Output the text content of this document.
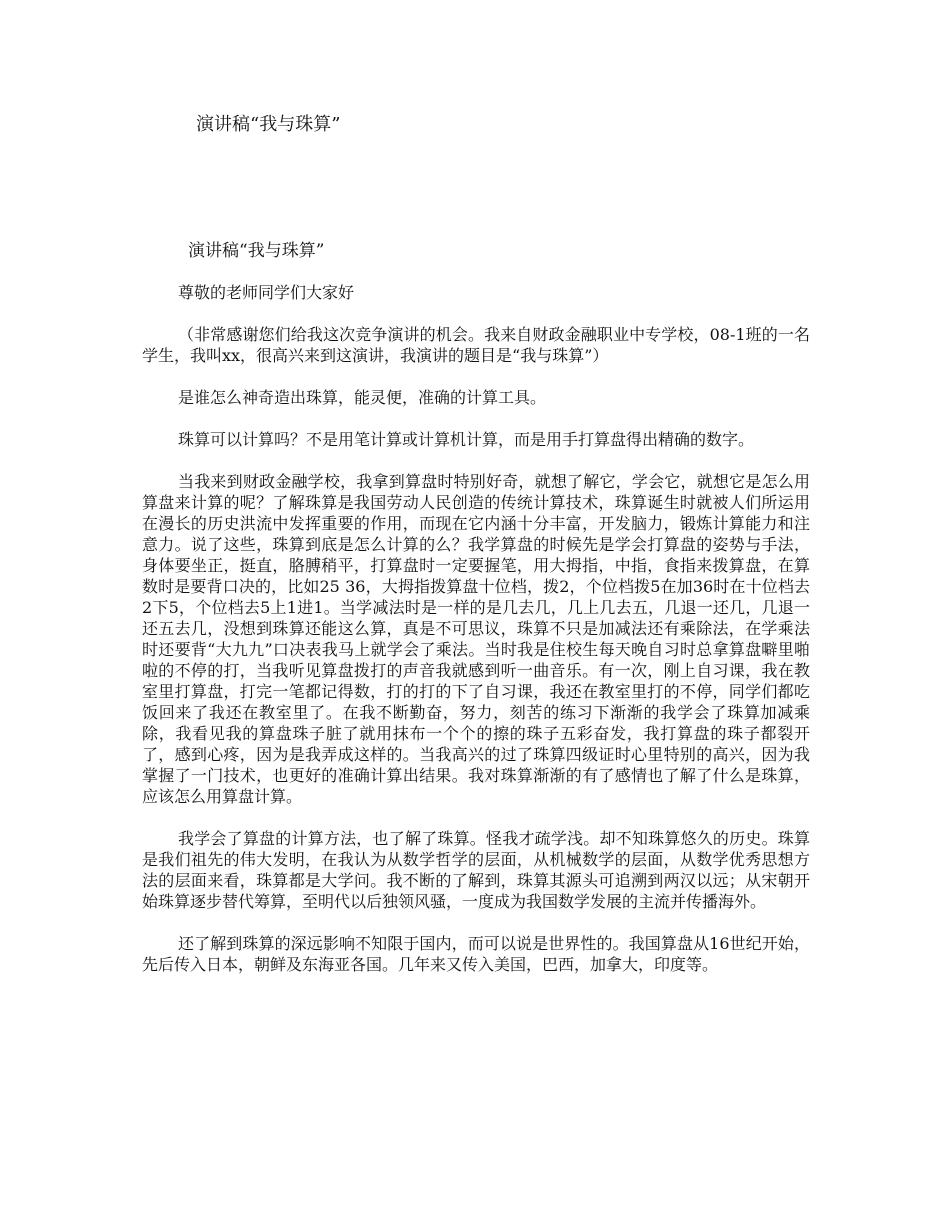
演讲稿“我与珠算”
演讲稿“我与珠算”

尊敬的老师同学们大家好

（非常感谢您们给我这次竞争演讲的机会。我来自财政金融职业中专学校，08-1班的一名学生，我叫xx，很高兴来到这演讲，我演讲的题目是“我与珠算”）

是谁怎么神奇造出珠算，能灵便，准确的计算工具。

珠算可以计算吗？不是用笔计算或计算机计算，而是用手打算盘得出精确的数字。

当我来到财政金融学校，我拿到算盘时特别好奇，就想了解它，学会它，就想它是怎么用算盘来计算的呢？了解珠算是我国劳动人民创造的传统计算技术，珠算诞生时就被人们所运用在漫长的历史洪流中发挥重要的作用，而现在它内涵十分丰富，开发脑力，锻炼计算能力和注意力。说了这些，珠算到底是怎么计算的么？我学算盘的时候先是学会打算盘的姿势与手法，身体要坐正，挺直，胳膊稍平，打算盘时一定要握笔，用大拇指，中指，食指来拨算盘，在算数时是要背口决的，比如25 36，大拇指拨算盘十位档，拨2，个位档拨5在加36时在十位档去2下5，个位档去5上1进1。当学减法时是一样的是几去几，几上几去五，几退一还几，几退一还五去几，没想到珠算还能这么算，真是不可思议，珠算不只是加减法还有乘除法，在学乘法时还要背“大九九”口决表我马上就学会了乘法。当时我是住校生每天晚自习时总拿算盘噼里啪啦的不停的打，当我听见算盘拨打的声音我就感到听一曲音乐。有一次，刚上自习课，我在教室里打算盘，打完一笔都记得数，打的打的下了自习课，我还在教室里打的不停，同学们都吃饭回来了我还在教室里了。在我不断勤奋，努力，刻苦的练习下渐渐的我学会了珠算加减乘除，我看见我的算盘珠子脏了就用抹布一个个的擦的珠子五彩奋发，我打算盘的珠子都裂开了，感到心疼，因为是我弄成这样的。当我高兴的过了珠算四级证时心里特别的高兴，因为我掌握了一门技术，也更好的准确计算出结果。我对珠算渐渐的有了感情也了解了什么是珠算，应该怎么用算盘计算。

我学会了算盘的计算方法，也了解了珠算。怪我才疏学浅。却不知珠算悠久的历史。珠算是我们祖先的伟大发明，在我认为从数学哲学的层面，从机械数学的层面，从数学优秀思想方法的层面来看，珠算都是大学问。我不断的了解到，珠算其源头可追溯到两汉以远；从宋朝开始珠算逐步替代筹算，至明代以后独领风骚，一度成为我国数学发展的主流并传播海外。

还了解到珠算的深远影响不知限于国内，而可以说是世界性的。我国算盘从16世纪开始，先后传入日本，朝鲜及东海亚各国。几年来又传入美国，巴西，加拿大，印度等。
